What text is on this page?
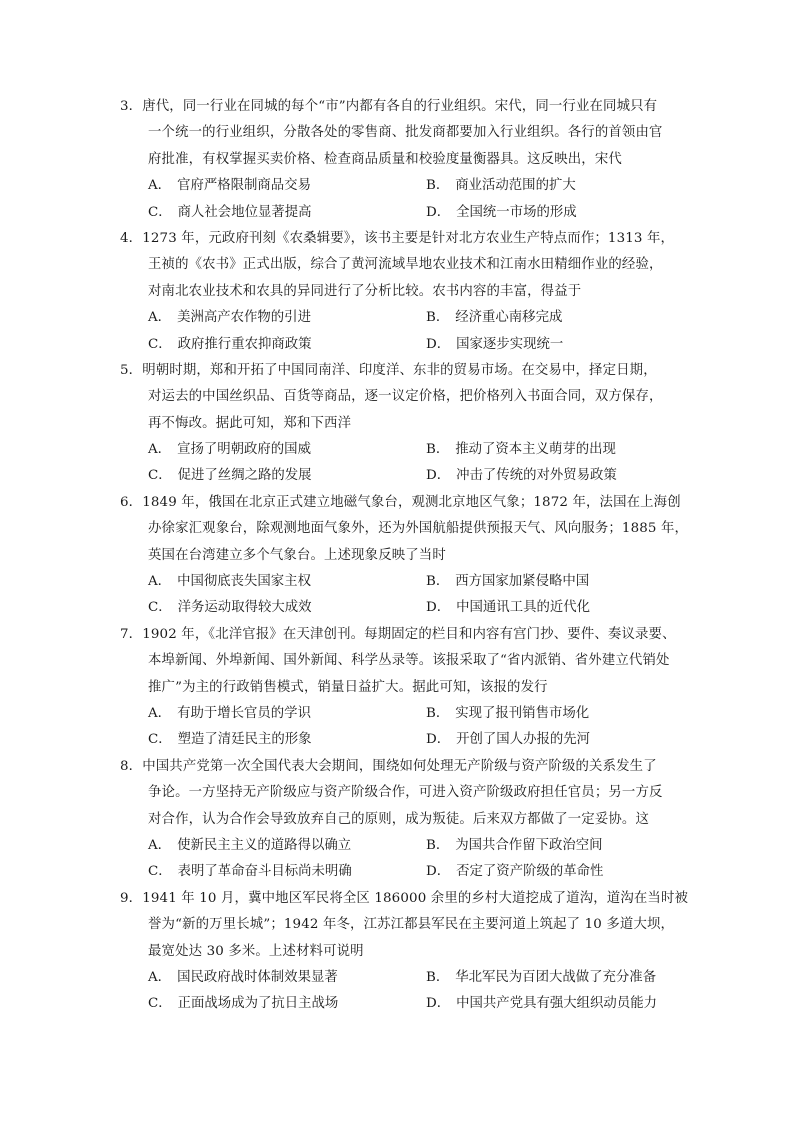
3．唐代，同一行业在同城的每个“市”内都有各自的行业组织。宋代，同一行业在同城只有
一个统一的行业组织，分散各处的零售商、批发商都要加入行业组织。各行的首领由官
府批准，有权掌握买卖价格、检查商品质量和校验度量衡器具。这反映出，宋代
A． 官府严格限制商品交易	B． 商业活动范围的扩大
C． 商人社会地位显著提高	D． 全国统一市场的形成
4．1273 年，元政府刊刻《农桑辑要》，该书主要是针对北方农业生产特点而作；1313 年，
王祯的《农书》正式出版，综合了黄河流域旱地农业技术和江南水田精细作业的经验，
对南北农业技术和农具的异同进行了分析比较。农书内容的丰富，得益于
A． 美洲高产农作物的引进	B． 经济重心南移完成
C． 政府推行重农抑商政策	D． 国家逐步实现统一
5．明朝时期，郑和开拓了中国同南洋、印度洋、东非的贸易市场。在交易中，择定日期，
对运去的中国丝织品、百货等商品，逐一议定价格，把价格列入书面合同，双方保存，
再不悔改。据此可知，郑和下西洋
A． 宣扬了明朝政府的国威	B． 推动了资本主义萌芽的出现
C． 促进了丝绸之路的发展	D． 冲击了传统的对外贸易政策
6．1849 年，俄国在北京正式建立地磁气象台，观测北京地区气象；1872 年，法国在上海创
办徐家汇观象台，除观测地面气象外，还为外国航船提供预报天气、风向服务；1885 年，
英国在台湾建立多个气象台。上述现象反映了当时
A． 中国彻底丧失国家主权	B． 西方国家加紧侵略中国
C． 洋务运动取得较大成效	D． 中国通讯工具的近代化
7．1902 年，《北洋官报》在天津创刊。每期固定的栏目和内容有宫门抄、要件、奏议录要、
本埠新闻、外埠新闻、国外新闻、科学丛录等。该报采取了“省内派销、省外建立代销处
推广”为主的行政销售模式，销量日益扩大。据此可知，该报的发行
A． 有助于增长官员的学识	B． 实现了报刊销售市场化
C． 塑造了清廷民主的形象	D． 开创了国人办报的先河
8．中国共产党第一次全国代表大会期间，围绕如何处理无产阶级与资产阶级的关系发生了
争论。一方坚持无产阶级应与资产阶级合作，可进入资产阶级政府担任官员；另一方反
对合作，认为合作会导致放弃自己的原则，成为叛徒。后来双方都做了一定妥协。这
A． 使新民主主义的道路得以确立	B． 为国共合作留下政治空间
C． 表明了革命奋斗目标尚未明确	D． 否定了资产阶级的革命性
9．1941 年 10 月，冀中地区军民将全区 186000 余里的乡村大道挖成了道沟，道沟在当时被
誉为“新的万里长城”；1942 年冬，江苏江都县军民在主要河道上筑起了 10 多道大坝，
最宽处达 30 多米。上述材料可说明
A． 国民政府战时体制效果显著	B． 华北军民为百团大战做了充分准备
C． 正面战场成为了抗日主战场	D． 中国共产党具有强大组织动员能力
